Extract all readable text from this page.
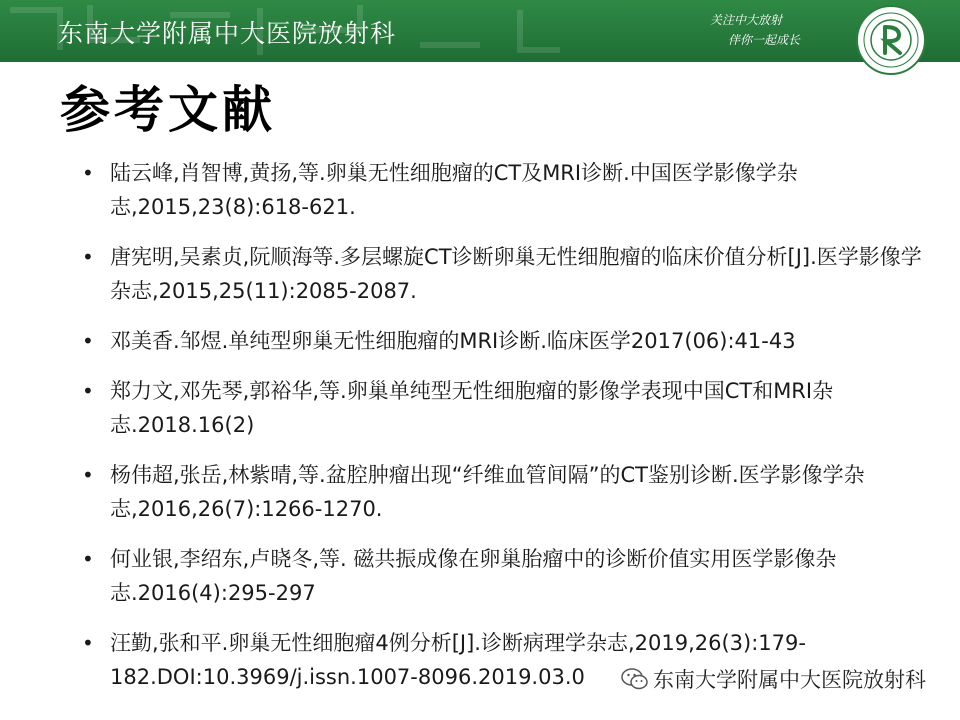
东南大学附属中大医院放射科	关注中大放射
伴你一起成长
参考文献
• 陆云峰,肖智博,黄扬,等.卵巢无性细胞瘤的CT及MRI诊断.中国医学影像学杂志,2015,23(8):618-621.
• 唐宪明,吴素贞,阮顺海等.多层螺旋CT诊断卵巢无性细胞瘤的临床价值分析[J].医学影像学杂志,2015,25(11):2085-2087.
• 邓美香.邹煜.单纯型卵巢无性细胞瘤的MRI诊断.临床医学2017(06):41-43
• 郑力文,邓先琴,郭裕华,等.卵巢单纯型无性细胞瘤的影像学表现中国CT和MRI杂志.2018.16(2)
• 杨伟超,张岳,林紫晴,等.盆腔肿瘤出现“纤维血管间隔”的CT鉴别诊断.医学影像学杂志,2016,26(7):1266-1270.
• 何业银,李绍东,卢晓冬,等. 磁共振成像在卵巢胎瘤中的诊断价值实用医学影像杂志.2016(4):295-297
• 汪勤,张和平.卵巢无性细胞瘤4例分析[J].诊断病理学杂志,2019,26(3):179-182.DOI:10.3969/j.issn.1007-8096.2019.03.0	东南大学附属中大医院放射科
